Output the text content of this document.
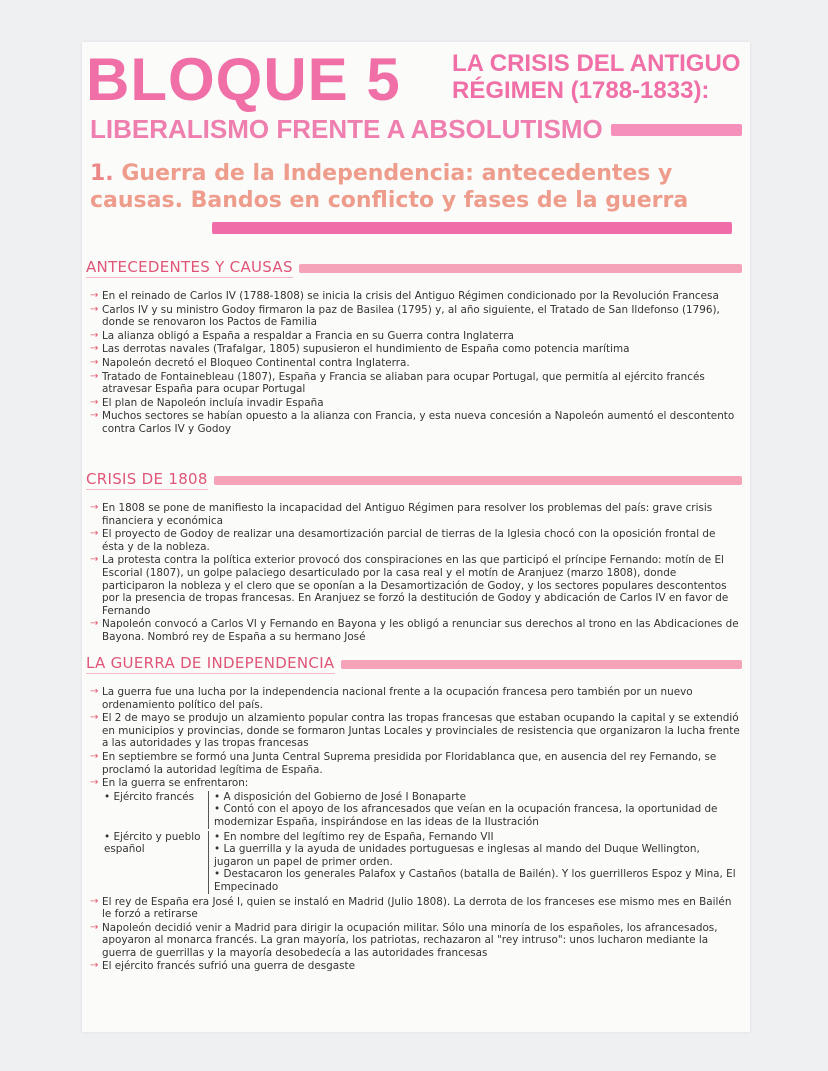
BLOQUE 5 LA CRISIS DEL ANTIGUO
RÉGIMEN (1788-1833):
LIBERALISMO FRENTE A ABSOLUTISMO
1. Guerra de la Independencia: antecedentes y causas. Bandos en conflicto y fases de la guerra
ANTECEDENTES Y CAUSAS
→ En el reinado de Carlos IV (1788-1808) se inicia la crisis del Antiguo Régimen condicionado por la Revolución Francesa
→ Carlos IV y su ministro Godoy firmaron la paz de Basilea (1795) y, al año siguiente, el Tratado de San Ildefonso (1796), donde se renovaron los Pactos de Familia
→ La alianza obligó a España a respaldar a Francia en su Guerra contra Inglaterra
→ Las derrotas navales (Trafalgar, 1805) supusieron el hundimiento de España como potencia marítima
→ Napoleón decretó el Bloqueo Continental contra Inglaterra.
→ Tratado de Fontainebleau (1807), España y Francia se aliaban para ocupar Portugal, que permitía al ejército francés atravesar España para ocupar Portugal
→ El plan de Napoleón incluía invadir España
→ Muchos sectores se habían opuesto a la alianza con Francia, y esta nueva concesión a Napoleón aumentó el descontento contra Carlos IV y Godoy
CRISIS DE 1808
→ En 1808 se pone de manifiesto la incapacidad del Antiguo Régimen para resolver los problemas del país: grave crisis financiera y económica
→ El proyecto de Godoy de realizar una desamortización parcial de tierras de la Iglesia chocó con la oposición frontal de ésta y de la nobleza.
→ La protesta contra la política exterior provocó dos conspiraciones en las que participó el príncipe Fernando: motín de El Escorial (1807), un golpe palaciego desarticulado por la casa real y el motín de Aranjuez (marzo 1808), donde participaron la nobleza y el clero que se oponían a la Desamortización de Godoy, y los sectores populares descontentos por la presencia de tropas francesas. En Aranjuez se forzó la destitución de Godoy y abdicación de Carlos IV en favor de Fernando
→ Napoleón convocó a Carlos VI y Fernando en Bayona y les obligó a renunciar sus derechos al trono en las Abdicaciones de Bayona. Nombró rey de España a su hermano José
LA GUERRA DE INDEPENDENCIA
→ La guerra fue una lucha por la independencia nacional frente a la ocupación francesa pero también por un nuevo ordenamiento político del país.
→ El 2 de mayo se produjo un alzamiento popular contra las tropas francesas que estaban ocupando la capital y se extendió en municipios y provincias, donde se formaron Juntas Locales y provinciales de resistencia que organizaron la lucha frente a las autoridades y las tropas francesas
→ En septiembre se formó una Junta Central Suprema presidida por Floridablanca que, en ausencia del rey Fernando, se proclamó la autoridad legítima de España.
→ En la guerra se enfrentaron:
• Ejército francés
•	A disposición del Gobierno de José I Bonaparte
• Contó con el apoyo de los afrancesados que veían en la ocupación francesa, la oportunidad de modernizar España, inspirándose en las ideas de la Ilustración
• Ejército y pueblo español
• En nombre del legítimo rey de España, Fernando VII
• La guerrilla y la ayuda de unidades portuguesas e inglesas al mando del Duque Wellington, jugaron un papel de primer orden.
• Destacaron los generales Palafox y Castaños (batalla de Bailén). Y los guerrilleros Espoz y Mina, El Empecinado
→ El rey de España era José I, quien se instaló en Madrid (Julio 1808). La derrota de los franceses ese mismo mes en Bailén le forzó a retirarse
→ Napoleón decidió venir a Madrid para dirigir la ocupación militar. Sólo una minoría de los españoles, los afrancesados, apoyaron al monarca francés. La gran mayoría, los patriotas, rechazaron al "rey intruso": unos lucharon mediante la guerra de guerrillas y la mayoría desobedecía a las autoridades francesas
→ El ejército francés sufrió una guerra de desgaste
